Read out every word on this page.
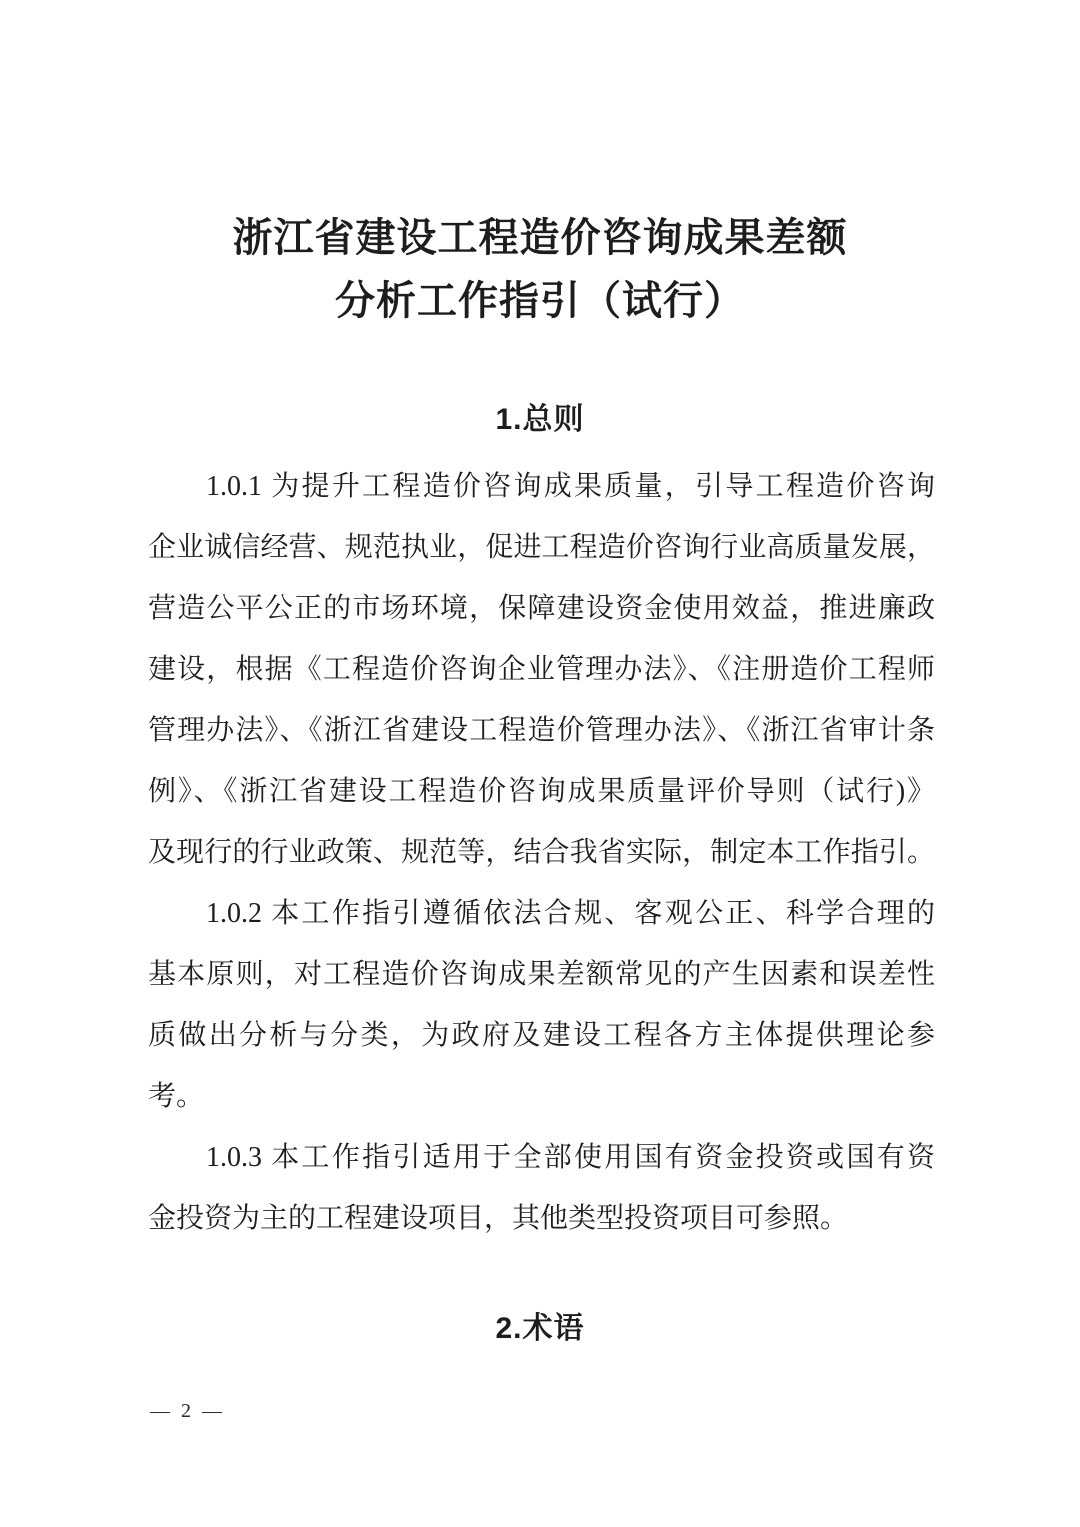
浙江省建设工程造价咨询成果差额
分析工作指引（试行）
1.总则
1.0.1 为提升工程造价咨询成果质量，引导工程造价咨询
企业诚信经营、规范执业，促进工程造价咨询行业高质量发展，
营造公平公正的市场环境，保障建设资金使用效益，推进廉政
建设，根据《工程造价咨询企业管理办法》、《注册造价工程师
管理办法》、《浙江省建设工程造价管理办法》、《浙江省审计条
例》、《浙江省建设工程造价咨询成果质量评价导则（试行)》
及现行的行业政策、规范等，结合我省实际，制定本工作指引。
1.0.2 本工作指引遵循依法合规、客观公正、科学合理的
基本原则，对工程造价咨询成果差额常见的产生因素和误差性
质做出分析与分类，为政府及建设工程各方主体提供理论参
考。
1.0.3 本工作指引适用于全部使用国有资金投资或国有资
金投资为主的工程建设项目，其他类型投资项目可参照。
2.术语
— 2 —
